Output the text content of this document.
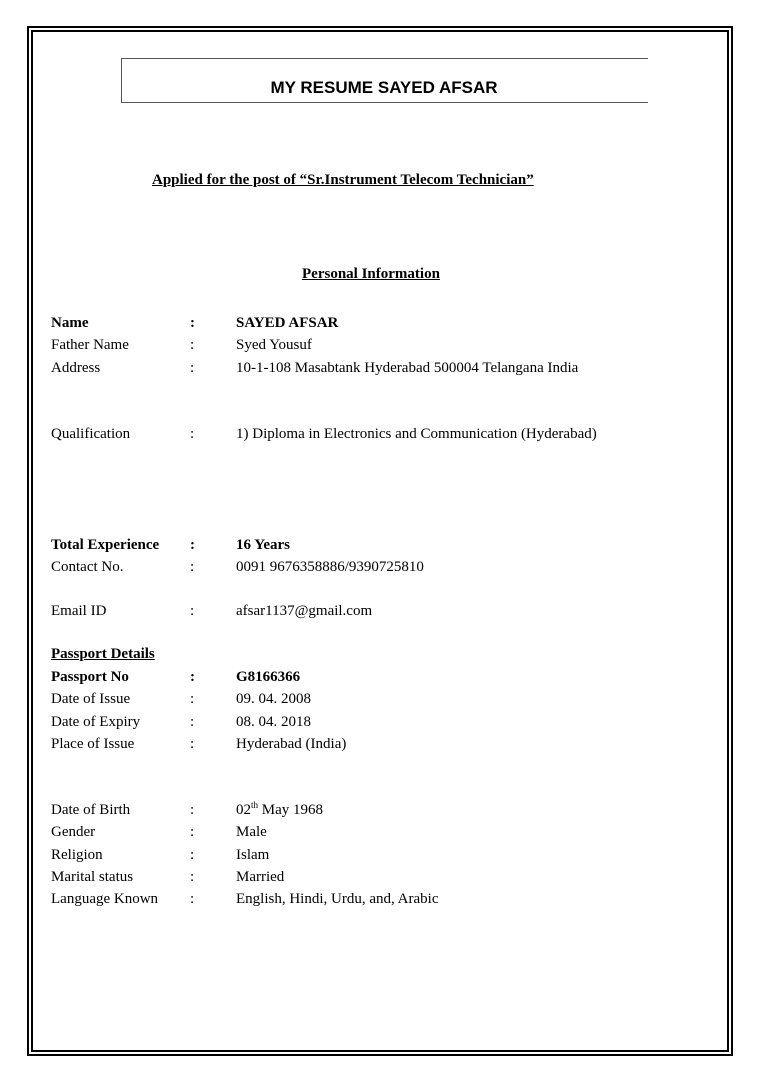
MY RESUME SAYED AFSAR
Applied for the post of “Sr.Instrument Telecom Technician”
Personal Information
Name	:	SAYED AFSAR
Father Name	:	Syed Yousuf
Address	:	10-1-108 Masabtank Hyderabad 500004 Telangana India
Qualification	:	1) Diploma in Electronics and Communication (Hyderabad)
Total Experience :	16 Years
Contact No.	:	0091 9676358886/9390725810
Email ID	:	afsar1137@gmail.com
Passport Details
Passport No	:	G8166366
Date of Issue	:	09. 04. 2008
Date of Expiry	:	08. 04. 2018
Place of Issue	:	Hyderabad (India)
Date of Birth	:	02th May 1968
Gender	:	Male
Religion	:	Islam
Marital status	:	Married
Language Known :	English, Hindi, Urdu, and, Arabic
